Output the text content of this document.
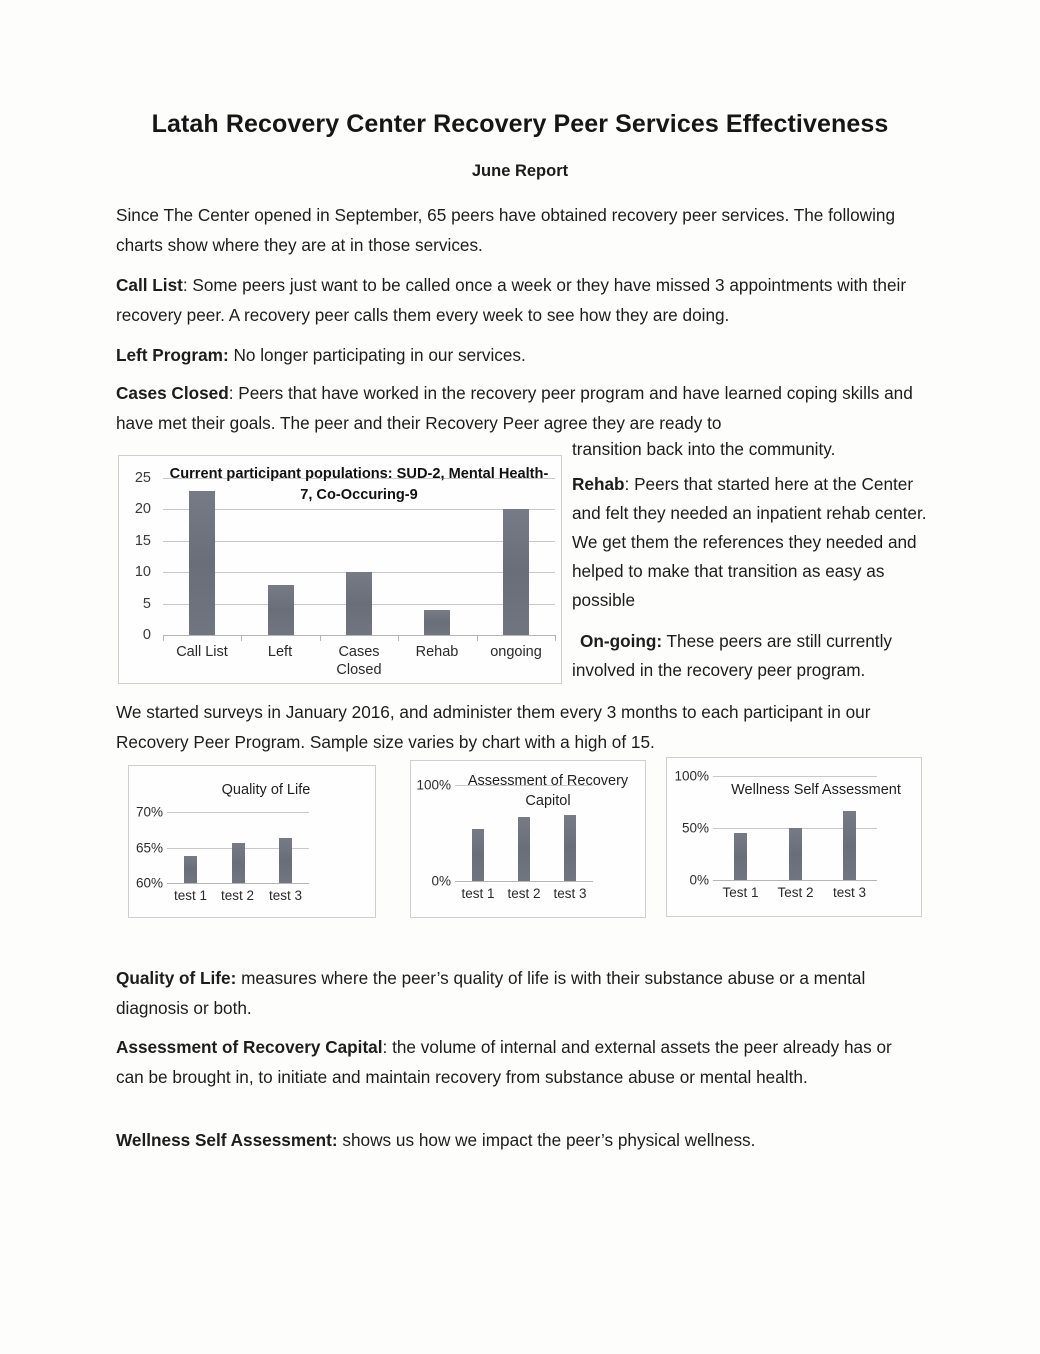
Latah Recovery Center Recovery Peer Services Effectiveness
June Report
Since The Center opened in September, 65 peers have obtained recovery peer services. The following charts show where they are at in those services.
Call List: Some peers just want to be called once a week or they have missed 3 appointments with their recovery peer. A recovery peer calls them every week to see how they are doing.
Left Program: No longer participating in our services.
Cases Closed: Peers that have worked in the recovery peer program and have learned coping skills and have met their goals. The peer and their Recovery Peer agree they are ready to
transition back into the community.
Rehab: Peers that started here at the Center and felt they needed an inpatient rehab center. We get them the references they needed and helped to make that transition as easy as possible
On-going: These peers are still currently involved in the recovery peer program.
Current participant populations: SUD-2, Mental Health-7, Co-Occuring-9
0
5
10
15
20
25
Call List	Left	Cases Closed
Rehab	ongoing
We started surveys in January 2016, and administer them every 3 months to each participant in our Recovery Peer Program. Sample size varies by chart with a high of 15.
Quality of Life
60%
65%
70%
test 1	test 2	test 3
Assessment of Recovery Capitol
0%
100%
test 1 test 2 test 3
Wellness Self Assessment
0%
50%
100%
Test 1	Test 2	test 3
Quality of Life: measures where the peer’s quality of life is with their substance abuse or a mental diagnosis or both.
Assessment of Recovery Capital: the volume of internal and external assets the peer already has or can be brought in, to initiate and maintain recovery from substance abuse or mental health.
Wellness Self Assessment: shows us how we impact the peer’s physical wellness.
